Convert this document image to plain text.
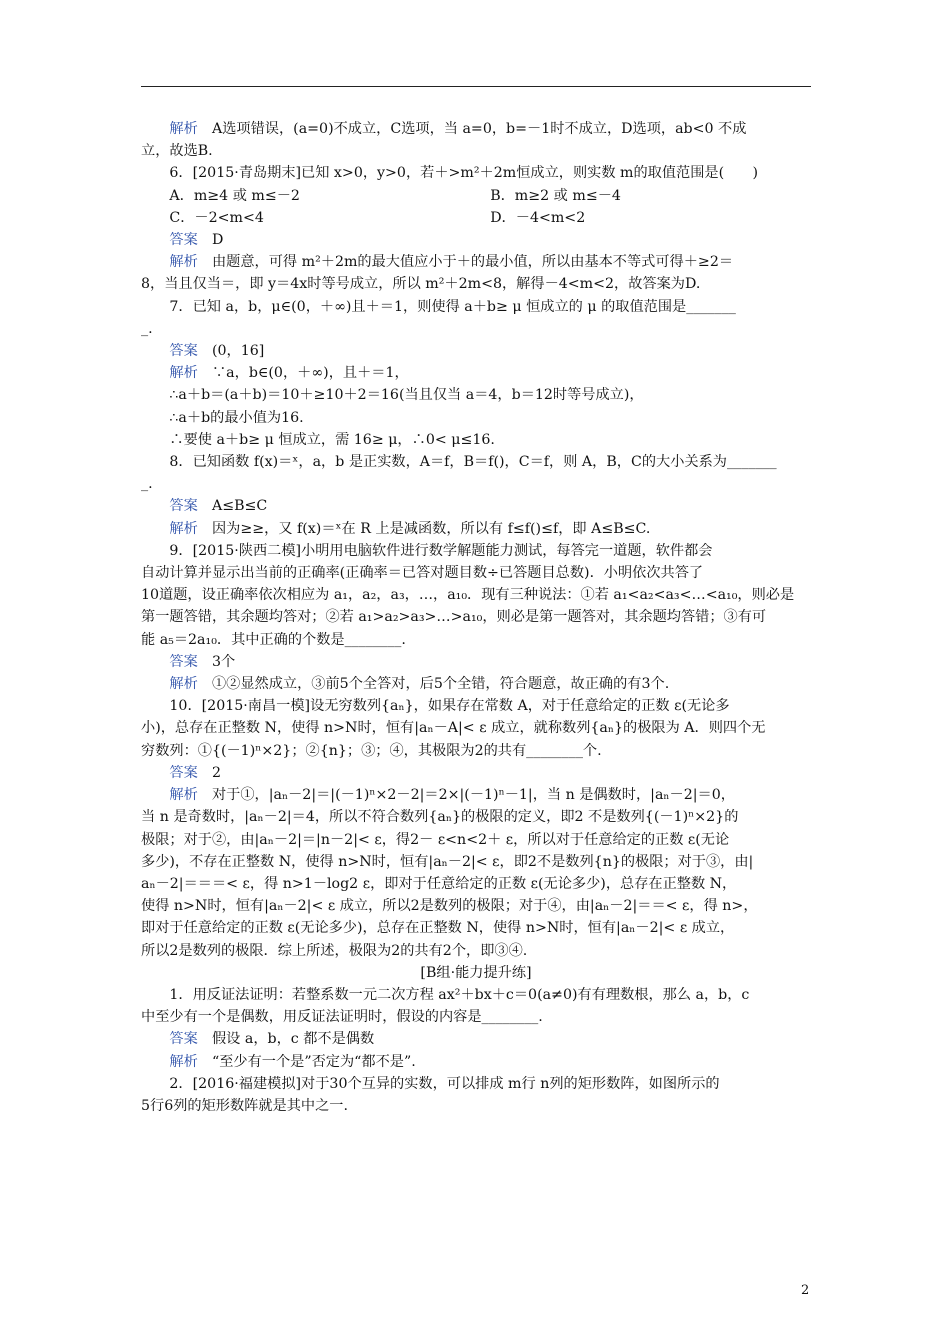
解析　 A选项错误，(a=0)不成立，C选项，当 a=0，b=－1时不成立，D选项，ab<0 不成
立，故选B.
6．[2015·青岛期末]已知 x>0，y>0，若＋>m²＋2m恒成立，则实数 m的取值范围是(　　)
A．m≥4 或 m≤－2	B．m≥2 或 m≤－4
C．－2<m<4	D．－4<m<2
答案　 D
解析　 由题意，可得 m²＋2m的最大值应小于＋的最小值，所以由基本不等式可得＋≥2＝
8，当且仅当＝，即 y＝4x时等号成立，所以 m²＋2m<8，解得－4<m<2，故答案为D.
7．已知 a，b，μ∈(0，＋∞)且＋＝1，则使得 a＋b≥ μ 恒成立的 μ 的取值范围是_______
_.
答案　 (0，16]
解析　 ∵a，b∈(0，＋∞)，且＋＝1，
∴a＋b＝(a＋b)＝10＋≥10＋2＝16(当且仅当 a＝4，b＝12时等号成立)，
∴a＋b的最小值为16.
∴要使 a＋b≥ μ 恒成立，需 16≥ μ，∴0< μ≤16.
8．已知函数 f(x)＝ˣ，a，b 是正实数，A＝f，B＝f()，C＝f，则 A，B，C的大小关系为_______
_.
答案　 A≤B≤C
解析　 因为≥≥，又 f(x)＝ˣ在 R 上是减函数，所以有 f≤f()≤f，即 A≤B≤C.
9．[2015·陕西二模]小明用电脑软件进行数学解题能力测试，每答完一道题，软件都会
自动计算并显示出当前的正确率(正确率＝已答对题目数÷已答题目总数)．小明依次共答了
10道题，设正确率依次相应为 a₁，a₂，a₃，…，a₁₀．现有三种说法：①若 a₁<a₂<a₃<…<a₁₀，则必是
第一题答错，其余题均答对；②若 a₁>a₂>a₃>…>a₁₀，则必是第一题答对，其余题均答错；③有可
能 a₅＝2a₁₀．其中正确的个数是________.
答案　 3个
解析　 ①②显然成立，③前5个全答对，后5个全错，符合题意，故正确的有3个.
10．[2015·南昌一模]设无穷数列{aₙ}，如果存在常数 A，对于任意给定的正数 ε(无论多
小)，总存在正整数 N，使得 n>N时，恒有|aₙ－A|< ε 成立，就称数列{aₙ}的极限为 A．则四个无
穷数列：①{(－1)ⁿ×2}；②{n}；③；④，其极限为2的共有________个.
答案　 2
解析　 对于①，|aₙ－2|＝|(－1)ⁿ×2－2|＝2×|(－1)ⁿ－1|，当 n 是偶数时，|aₙ－2|＝0，
当 n 是奇数时，|aₙ－2|＝4，所以不符合数列{aₙ}的极限的定义，即2 不是数列{(－1)ⁿ×2}的
极限；对于②，由|aₙ－2|＝|n－2|< ε，得2－ ε<n<2＋ ε，所以对于任意给定的正数 ε(无论
多少)，不存在正整数 N，使得 n>N时，恒有|aₙ－2|< ε，即2不是数列{n}的极限；对于③，由|
aₙ－2|＝＝＝< ε，得 n>1－log2 ε，即对于任意给定的正数 ε(无论多少)，总存在正整数 N，
使得 n>N时，恒有|aₙ－2|< ε 成立，所以2是数列的极限；对于④，由|aₙ－2|＝＝< ε，得 n>，
即对于任意给定的正数 ε(无论多少)，总存在正整数 N，使得 n>N时，恒有|aₙ－2|< ε 成立，
所以2是数列的极限．综上所述，极限为2的共有2个，即③④.
[B组·能力提升练]
1．用反证法证明：若整系数一元二次方程 ax²＋bx＋c＝0(a≠0)有有理数根，那么 a，b，c
中至少有一个是偶数，用反证法证明时，假设的内容是________.
答案　 假设 a，b，c 都不是偶数
解析　 “至少有一个是”否定为“都不是”.
2．[2016·福建模拟]对于30个互异的实数，可以排成 m行 n列的矩形数阵，如图所示的
5行6列的矩形数阵就是其中之一.
2
